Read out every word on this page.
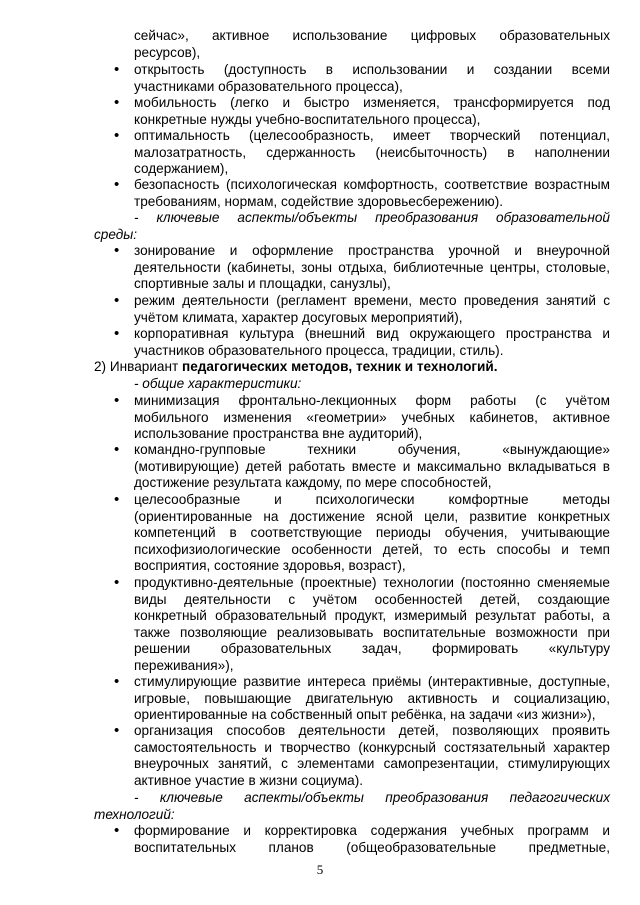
сейчас», активное использование цифровых образовательных
ресурсов),
• открытость (доступность в использовании и создании всеми
участниками образовательного процесса),
• мобильность (легко и быстро изменяется, трансформируется под
конкретные нужды учебно-воспитательного процесса),
• оптимальность (целесообразность, имеет творческий потенциал,
малозатратность, сдержанность (неисбыточность) в наполнении
содержанием),
• безопасность (психологическая комфортность, соответствие возрастным
требованиям, нормам, содействие здоровьесбережению).
- ключевые аспекты/объекты преобразования образовательной
среды:
• зонирование и оформление пространства урочной и внеурочной
деятельности (кабинеты, зоны отдыха, библиотечные центры, столовые,
спортивные залы и площадки, санузлы),
• режим деятельности (регламент времени, место проведения занятий с
учётом климата, характер досуговых мероприятий),
• корпоративная культура (внешний вид окружающего пространства и
участников образовательного процесса, традиции, стиль).
2) Инвариант педагогических методов, техник и технологий.
- общие характеристики:
• минимизация фронтально-лекционных форм работы (с учётом
мобильного изменения «геометрии» учебных кабинетов, активное
использование пространства вне аудиторий),
• командно-групповые техники обучения, «вынуждающие»
(мотивирующие) детей работать вместе и максимально вкладываться в
достижение результата каждому, по мере способностей,
• целесообразные и психологически комфортные методы
(ориентированные на достижение ясной цели, развитие конкретных
компетенций в соответствующие периоды обучения, учитывающие
психофизиологические особенности детей, то есть способы и темп
восприятия, состояние здоровья, возраст),
• продуктивно-деятельные (проектные) технологии (постоянно сменяемые
виды деятельности с учётом особенностей детей, создающие
конкретный образовательный продукт, измеримый результат работы, а
также позволяющие реализовывать воспитательные возможности при
решении образовательных задач, формировать «культуру
переживания»),
• стимулирующие развитие интереса приёмы (интерактивные, доступные,
игровые, повышающие двигательную активность и социализацию,
ориентированные на собственный опыт ребёнка, на задачи «из жизни»),
• организация способов деятельности детей, позволяющих проявить
самостоятельность и творчество (конкурсный состязательный характер
внеурочных занятий, с элементами самопрезентации, стимулирующих
активное участие в жизни социума).
- ключевые аспекты/объекты преобразования педагогических
технологий:
• формирование и корректировка содержания учебных программ и
воспитательных планов (общеобразовательные предметные,
5
